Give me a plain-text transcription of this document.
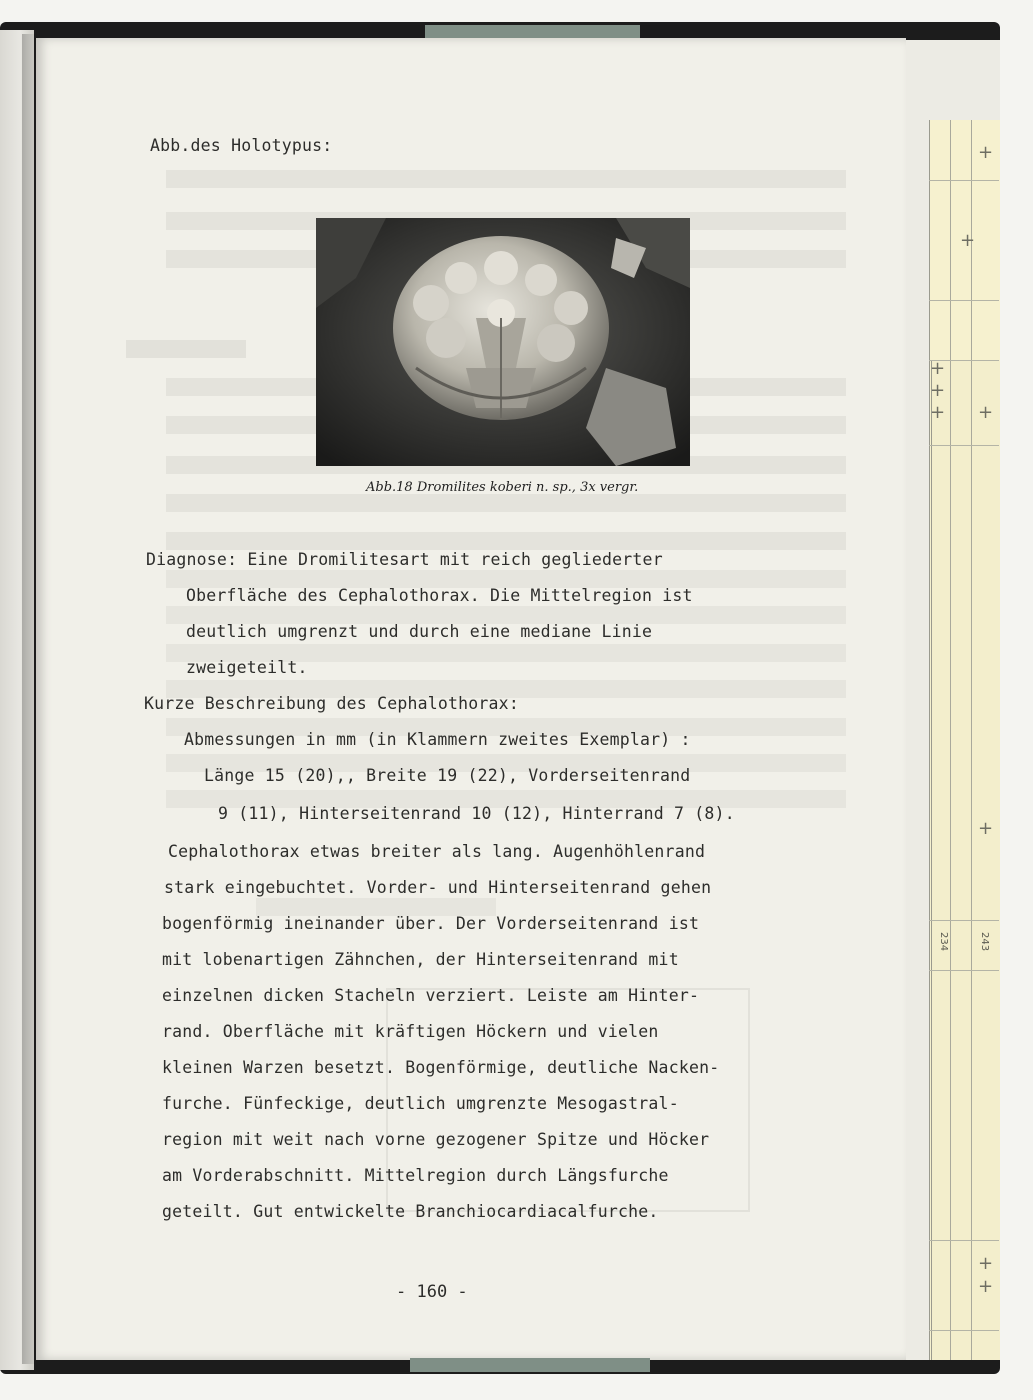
+
+
+
+
+ +
+
+
+
234	243
Abb.des Holotypus:
Abb.18 Dromilites koberi n. sp., 3x vergr.
Diagnose: Eine Dromilitesart mit reich gegliederter
Oberfläche des Cephalothorax. Die Mittelregion ist
deutlich umgrenzt und durch eine mediane Linie
zweigeteilt.
Kurze Beschreibung des Cephalothorax:
Abmessungen in mm (in Klammern zweites Exemplar) :
Länge 15 (20),, Breite 19 (22), Vorderseitenrand
9 (11), Hinterseitenrand 10 (12), Hinterrand 7 (8).
Cephalothorax etwas breiter als lang. Augenhöhlenrand
stark eingebuchtet. Vorder- und Hinterseitenrand gehen
bogenförmig ineinander über. Der Vorderseitenrand ist
mit lobenartigen Zähnchen, der Hinterseitenrand mit
einzelnen dicken Stacheln verziert. Leiste am Hinter-
rand. Oberfläche mit kräftigen Höckern und vielen
kleinen Warzen besetzt. Bogenförmige, deutliche Nacken-
furche. Fünfeckige, deutlich umgrenzte Mesogastral-
region mit weit nach vorne gezogener Spitze und Höcker
am Vorderabschnitt. Mittelregion durch Längsfurche
geteilt. Gut entwickelte Branchiocardiacalfurche.
- 160 -
